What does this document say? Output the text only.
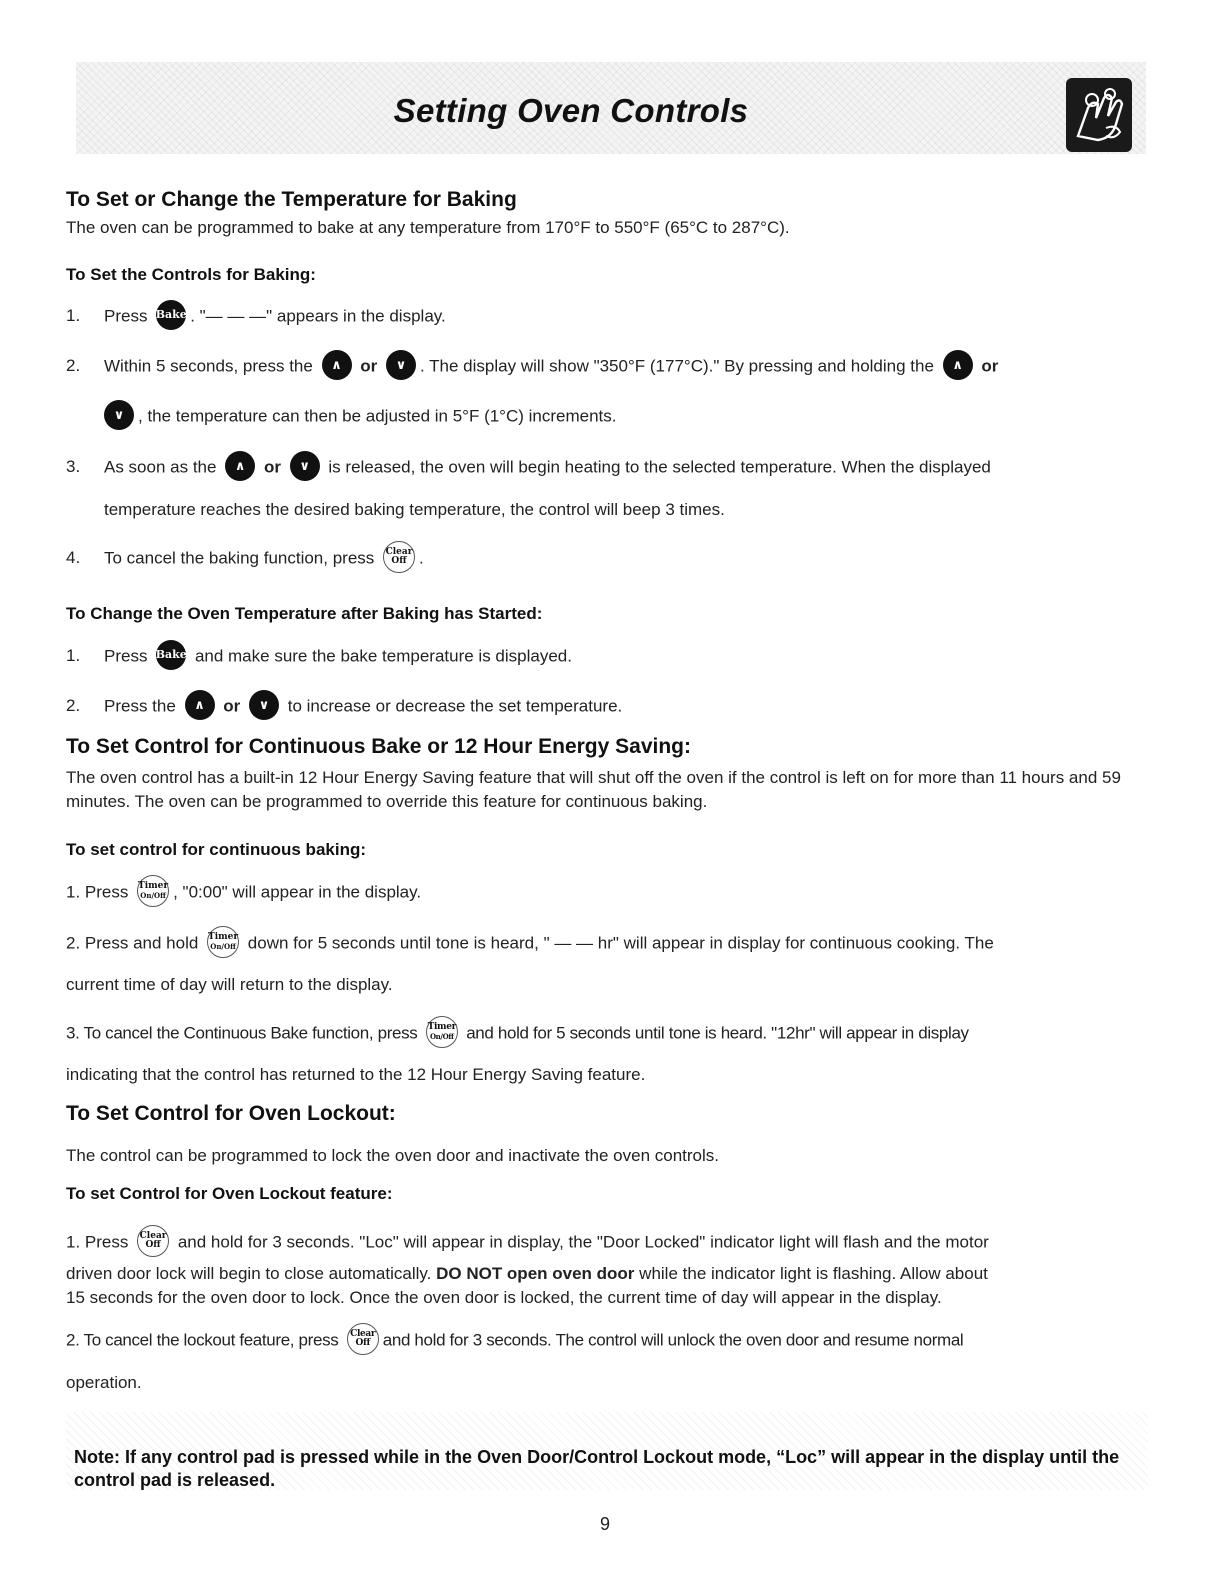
Setting Oven Controls
To Set or Change the Temperature for Baking

The oven can be programmed to bake at any temperature from 170°F to 550°F (65°C to 287°C).

To Set the Controls for Baking:

1. Press Bake . "— — —" appears in the display.

2. Within 5 seconds, press the ∧ or ∨ . The display will show "350°F (177°C)." By pressing and holding the ∧ or

∨ , the temperature can then be adjusted in 5°F (1°C) increments.

3. As soon as the ∧ or ∨ is released, the oven will begin heating to the selected temperature. When the displayed

temperature reaches the desired baking temperature, the control will beep 3 times.

4. To cancel the baking function, press Clear
Off .

To Change the Oven Temperature after Baking has Started:

1. Press Bake and make sure the bake temperature is displayed.

2. Press the ∧ or ∨ to increase or decrease the set temperature.

To Set Control for Continuous Bake or 12 Hour Energy Saving:

The oven control has a built-in 12 Hour Energy Saving feature that will shut off the oven if the control is left on for more than 11 hours and 59 minutes. The oven can be programmed to override this feature for continuous baking.

To set control for continuous baking:

1. Press Timer
On/Off , "0:00" will appear in the display.

2. Press and hold Timer
On/Off down for 5 seconds until tone is heard, " — — hr" will appear in display for continuous cooking. The

current time of day will return to the display.

3. To cancel the Continuous Bake function, press Timer
On/Off and hold for 5 seconds until tone is heard. "12hr" will appear in display

indicating that the control has returned to the 12 Hour Energy Saving feature.

To Set Control for Oven Lockout:

The control can be programmed to lock the oven door and inactivate the oven controls.

To set Control for Oven Lockout feature:

1. Press Clear
Off and hold for 3 seconds. "Loc" will appear in display, the "Door Locked" indicator light will flash and the motor

driven door lock will begin to close automatically. DO NOT open oven door while the indicator light is flashing. Allow about

15 seconds for the oven door to lock. Once the oven door is locked, the current time of day will appear in the display.

2. To cancel the lockout feature, press Clear
Off and hold for 3 seconds. The control will unlock the oven door and resume normal

operation.

Note: If any control pad is pressed while in the Oven Door/Control Lockout mode, “Loc” will appear in the display until the control pad is released.
9
